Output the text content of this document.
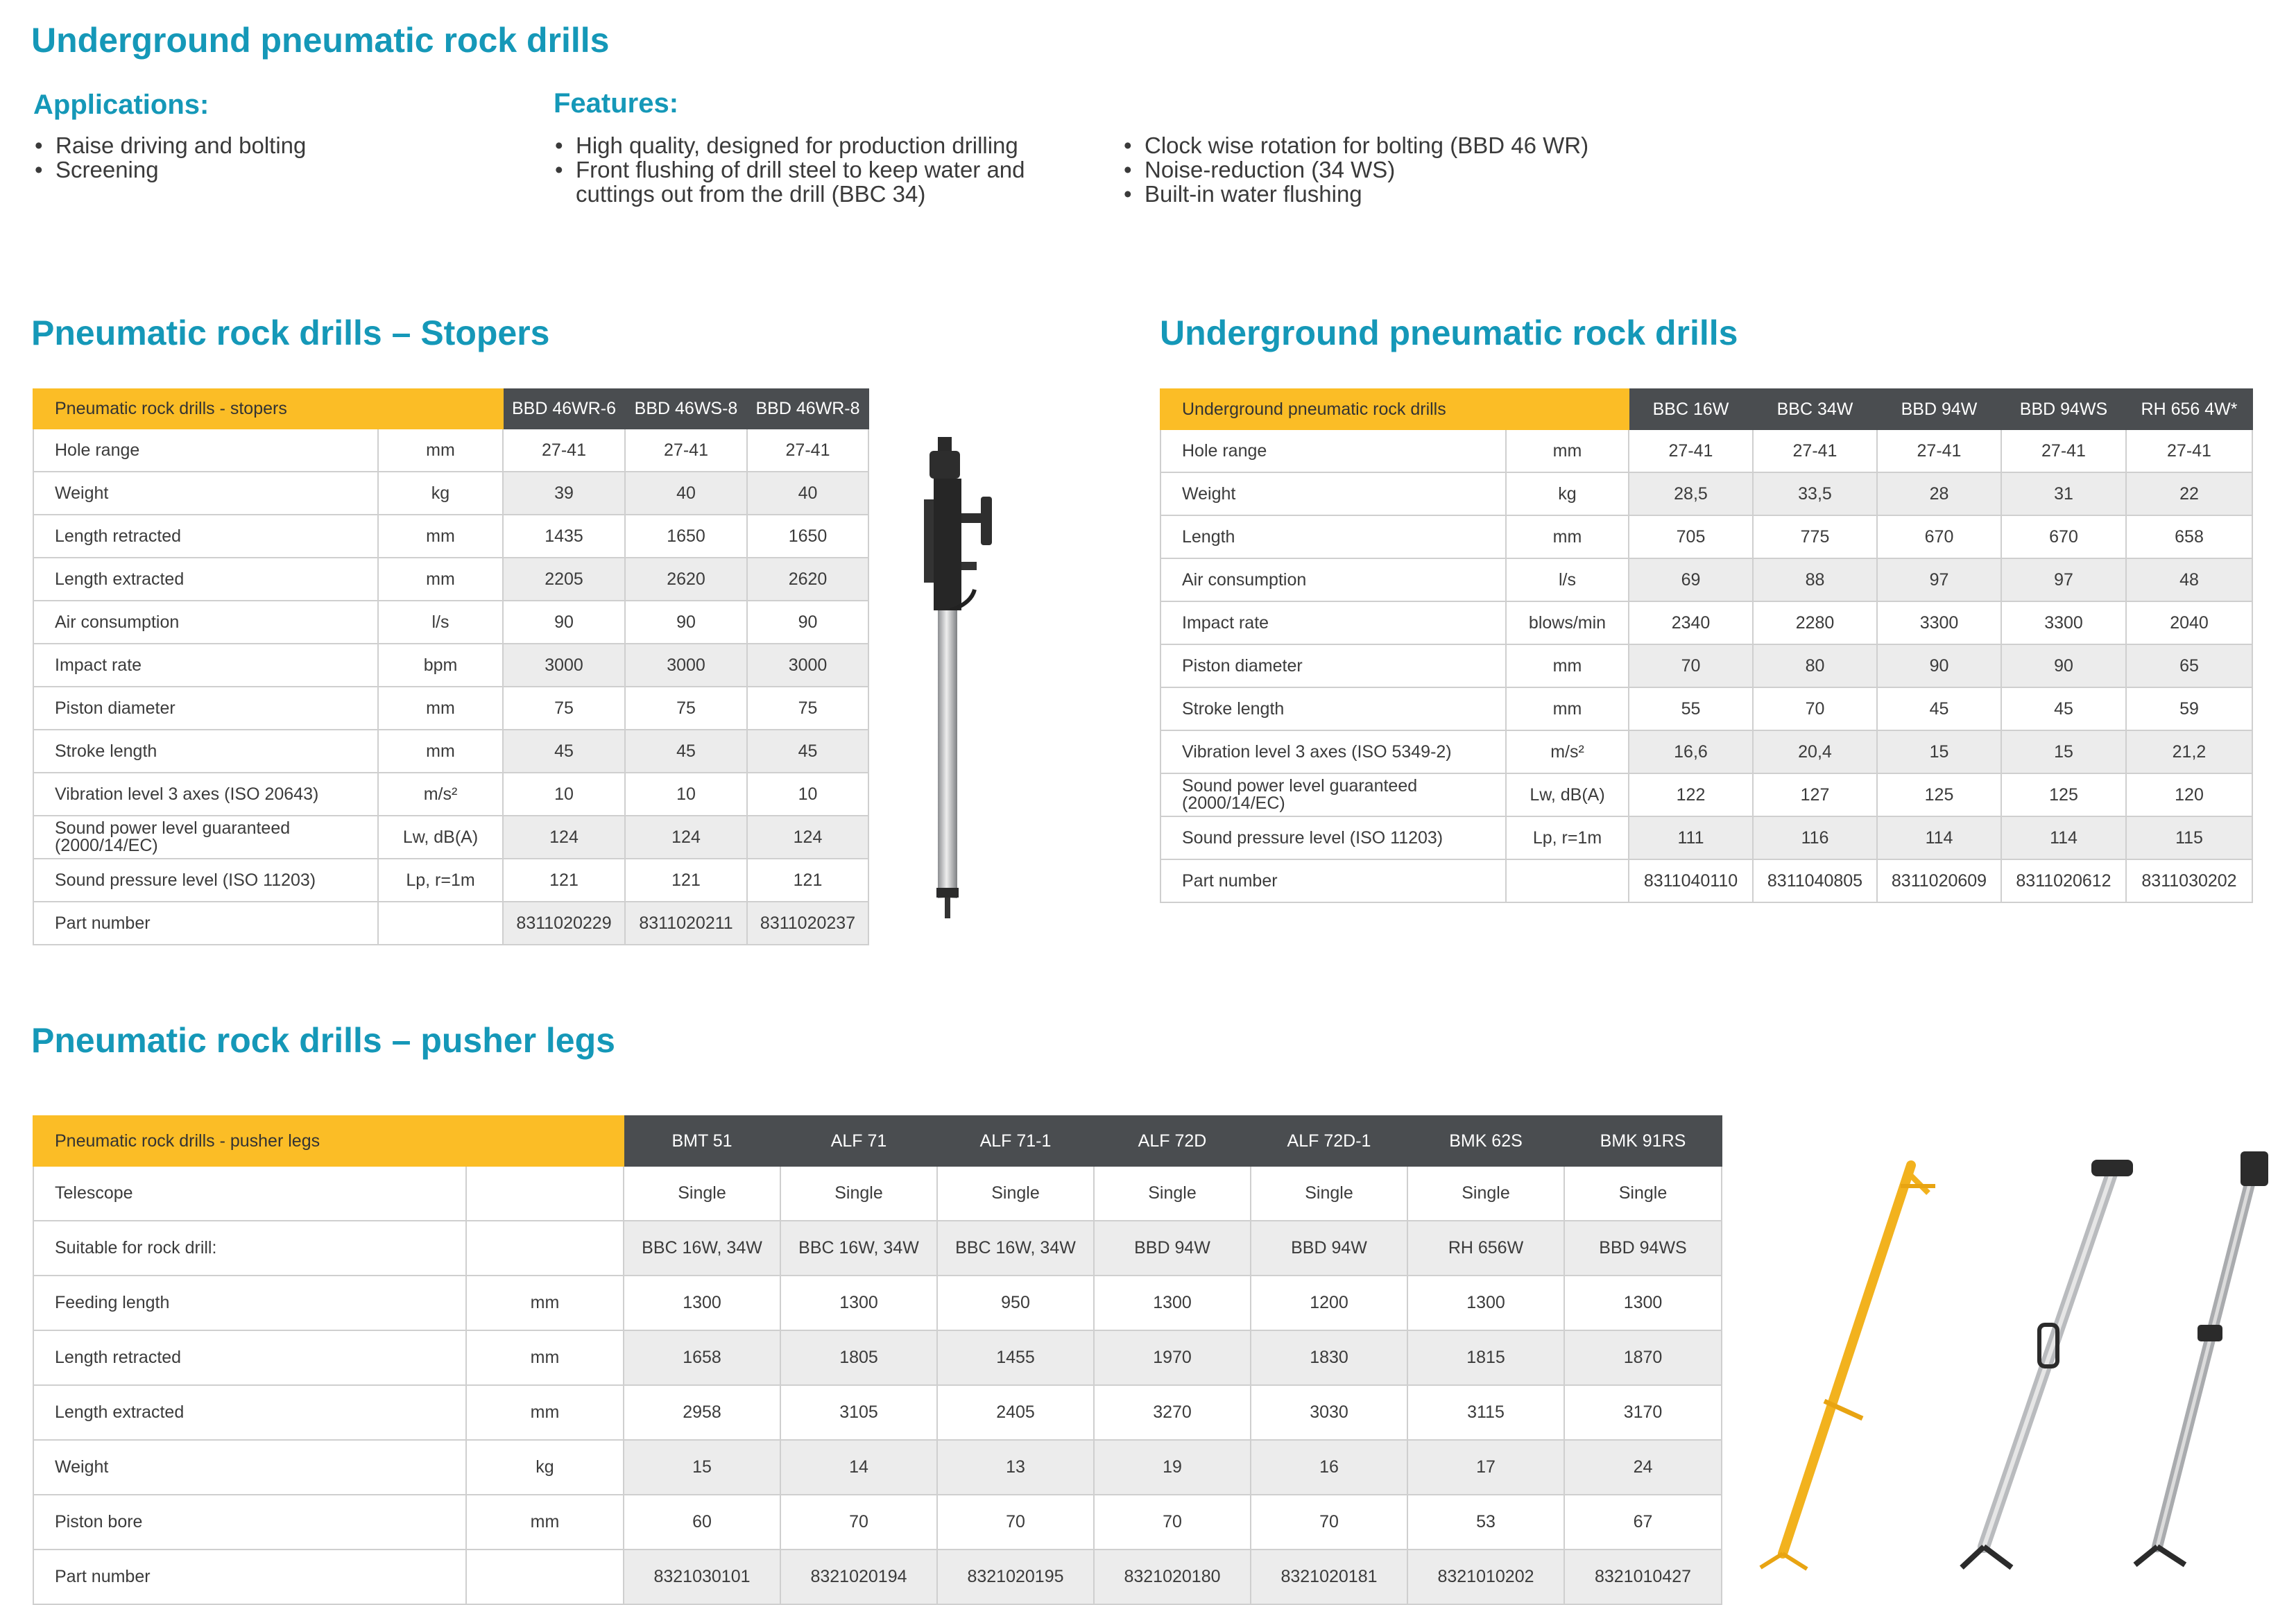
Underground pneumatic rock drills
Applications:
• Raise driving and bolting
• Screening
Features:
• High quality, designed for production drilling
• Front flushing of drill steel to keep water and cuttings out from the drill (BBC 34)
• Clock wise rotation for bolting (BBD 46 WR)
• Noise-reduction (34 WS)
• Built-in water flushing
Pneumatic rock drills – Stopers
Pneumatic rock drills - stopers		BBD 46WR-6	BBD 46WS-8	BBD 46WR-8
Hole range	mm	27-41	27-41	27-41
Weight	kg	39	40	40
Length retracted	mm	1435	1650	1650
Length extracted	mm	2205	2620	2620
Air consumption	l/s	90	90	90
Impact rate	bpm	3000	3000	3000
Piston diameter	mm	75	75	75
Stroke length	mm	45	45	45
Vibration level 3 axes (ISO 20643)	m/s²	10	10	10
Sound power level guaranteed (2000/14/EC)	Lw, dB(A)	124	124	124
Sound pressure level (ISO 11203)	Lp, r=1m	121	121	121
Part number		8311020229	8311020211	8311020237
Underground pneumatic rock drills
Underground pneumatic rock drills		BBC 16W	BBC 34W	BBD 94W	BBD 94WS	RH 656 4W*
Hole range	mm	27-41	27-41	27-41	27-41	27-41
Weight	kg	28,5	33,5	28	31	22
Length	mm	705	775	670	670	658
Air consumption	l/s	69	88	97	97	48
Impact rate	blows/min	2340	2280	3300	3300	2040
Piston diameter	mm	70	80	90	90	65
Stroke length	mm	55	70	45	45	59
Vibration level 3 axes (ISO 5349-2)	m/s²	16,6	20,4	15	15	21,2
Sound power level guaranteed (2000/14/EC)	Lw, dB(A)	122	127	125	125	120
Sound pressure level (ISO 11203)	Lp, r=1m	111	116	114	114	115
Part number		8311040110	8311040805	8311020609	8311020612	8311030202
Pneumatic rock drills – pusher legs
Pneumatic rock drills - pusher legs		BMT 51	ALF 71	ALF 71-1	ALF 72D	ALF 72D-1	BMK 62S	BMK 91RS
Telescope		Single	Single	Single	Single	Single	Single	Single
Suitable for rock drill:		BBC 16W, 34W	BBC 16W, 34W	BBC 16W, 34W	BBD 94W	BBD 94W	RH 656W	BBD 94WS
Feeding length	mm	1300	1300	950	1300	1200	1300	1300
Length retracted	mm	1658	1805	1455	1970	1830	1815	1870
Length extracted	mm	2958	3105	2405	3270	3030	3115	3170
Weight	kg	15	14	13	19	16	17	24
Piston bore	mm	60	70	70	70	70	53	67
Part number		8321030101	8321020194	8321020195	8321020180	8321020181	8321010202	8321010427
